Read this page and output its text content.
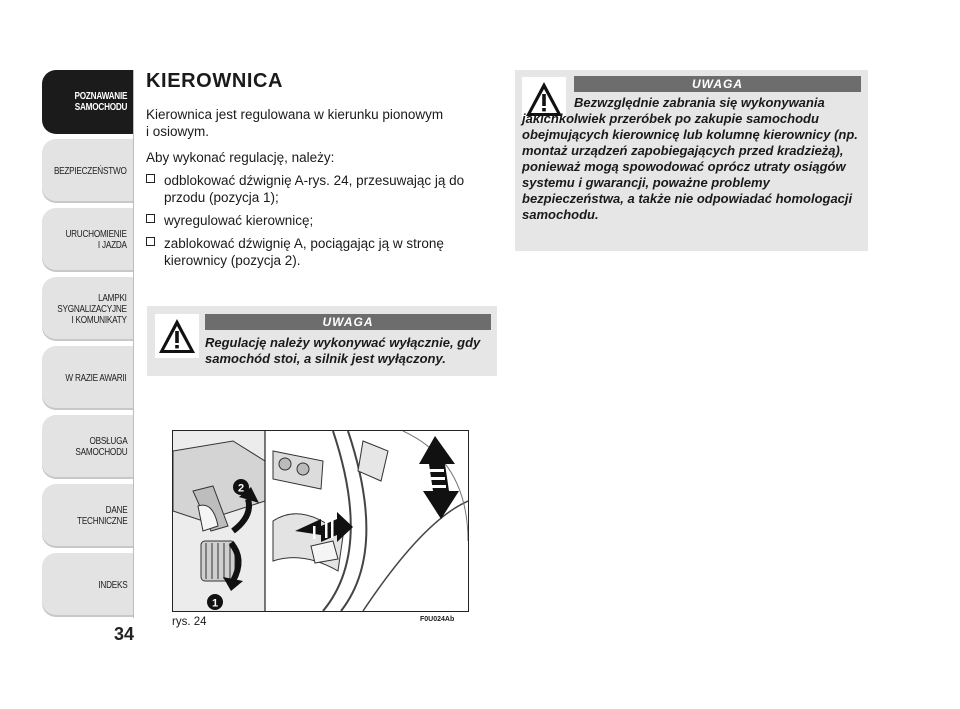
POZNAWANIE
SAMOCHODU
BEZPIECZEŃSTWO
URUCHOMIENIE
I JAZDA
LAMPKI
SYGNALIZACYJNE
I KOMUNIKATY
W RAZIE AWARII
OBSŁUGA
SAMOCHODU
DANE
TECHNICZNE
INDEKS
34
KIEROWNICA

Kierownica jest regulowana w kierunku pionowym
i osiowym.

Aby wykonać regulację, należy:

odblokować dźwignię A-rys. 24, przesuwając ją do przodu (pozycja 1);
wyregulować kierownicę;
zablokować dźwignię A, pociągając ją w stronę kierownicy (pozycja 2).
UWAGA
Regulację należy wykonywać wyłącznie, gdy samochód stoi, a silnik jest wyłączony.
UWAGA
Bezwzględnie zabrania się wykonywania jakichkolwiek przeróbek po zakupie samochodu obejmujących kierownicę lub kolumnę kierownicy (np. montaż urządzeń zapobiegających przed kradzieżą), ponieważ mogą spowodować oprócz utraty osiągów systemu i gwarancji, poważne problemy bezpieczeństwa, a także nie odpowiadać homologacji samochodu.
2
1
rys. 24	F0U024Ab
